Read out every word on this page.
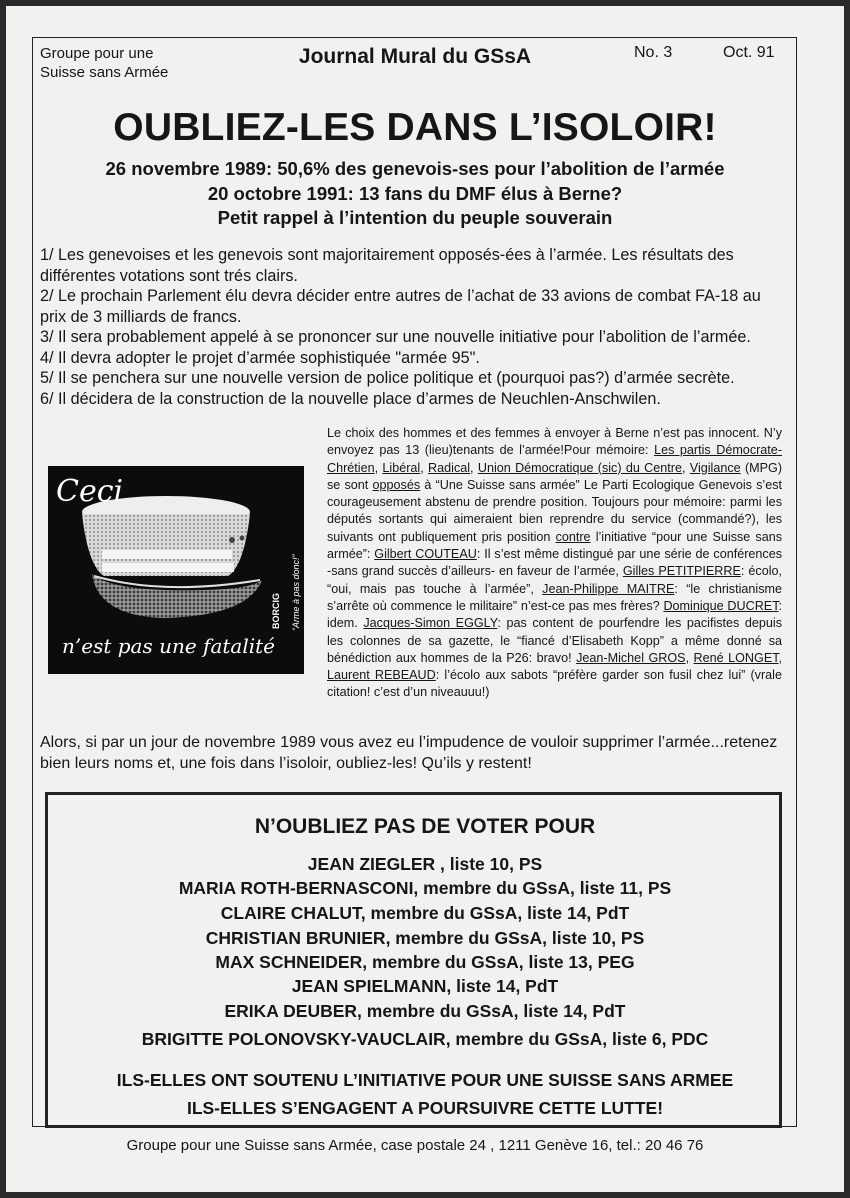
Groupe pour une
Suisse sans Armée
Journal Mural du GSsA	No. 3	Oct. 91
OUBLIEZ-LES DANS L’ISOLOIR!
26 novembre 1989: 50,6% des genevois-ses pour l’abolition de l’armée
20 octobre 1991: 13 fans du DMF élus à Berne?
Petit rappel à l’intention du peuple souverain
1/ Les genevoises et les genevois sont majoritairement opposés-ées à l’armée. Les résultats des différentes votations sont trés clairs.
2/ Le prochain Parlement élu devra décider entre autres de l’achat de 33 avions de combat FA-18 au prix de 3 milliards de francs.
3/ Il sera probablement appelé à se prononcer sur une nouvelle initiative pour l’abolition de l’armée.
4/ Il devra adopter le projet d’armée sophistiquée "armée 95".
5/ Il se penchera sur une nouvelle version de police politique et (pourquoi pas?) d’armée secrète.
6/ Il décidera de la construction de la nouvelle place d’armes de Neuchlen-Anschwilen.
Ceci
n’est pas une fatalité
“Arme à pas donc!”
BORCIG

Le choix des hommes et des femmes à envoyer à Berne n’est pas innocent. N’y envoyez pas 13 (lieu)tenants de l’armée!Pour mémoire: Les partis Démocrate-Chrétien, Libéral, Radical, Union Démocratique (sic) du Centre, Vigilance (MPG) se sont opposés à “Une Suisse sans armée” Le Parti Ecologique Genevois s’est courageusement abstenu de prendre position. Toujours pour mémoire: parmi les députés sortants qui aimeraient bien reprendre du service (commandé?), les suivants ont publiquement pris position contre l’initiative “pour une Suisse sans armée”: Gilbert COUTEAU: Il s’est même distingué par une série de conférences -sans grand succès d’ailleurs- en faveur de l’armée, Gilles PETITPIERRE: écolo, “oui, mais pas touche à l’armée”, Jean-Philippe MAITRE: “le christianisme s’arrête où commence le militaire” n’est-ce pas mes frères? Dominique DUCRET: idem. Jacques-Simon EGGLY: pas content de pourfendre les pacifistes depuis les colonnes de sa gazette, le “fiancé d’Elisabeth Kopp” a même donné sa bénédiction aux hommes de la P26: bravo! Jean-Michel GROS, René LONGET, Laurent REBEAUD: l’écolo aux sabots “préfère garder son fusil chez lui” (vrale citation! c’est d’un niveauuu!)

Alors, si par un jour de novembre 1989 vous avez eu l’impudence de vouloir supprimer l’armée...retenez bien leurs noms et, une fois dans l’isoloir, oubliez-les! Qu’ils y restent!

N’OUBLIEZ PAS DE VOTER POUR
JEAN ZIEGLER , liste 10, PS
MARIA ROTH-BERNASCONI, membre du GSsA, liste 11, PS
CLAIRE CHALUT, membre du GSsA, liste 14, PdT
CHRISTIAN BRUNIER, membre du GSsA, liste 10, PS
MAX SCHNEIDER, membre du GSsA, liste 13, PEG
JEAN SPIELMANN, liste 14, PdT
ERIKA DEUBER, membre du GSsA, liste 14, PdT
BRIGITTE POLONOVSKY-VAUCLAIR, membre du GSsA, liste 6, PDC
ILS-ELLES ONT SOUTENU L’INITIATIVE POUR UNE SUISSE SANS ARMEE
ILS-ELLES S’ENGAGENT A POURSUIVRE CETTE LUTTE!
Groupe pour une Suisse sans Armée, case postale 24 , 1211 Genève 16, tel.: 20 46 76
